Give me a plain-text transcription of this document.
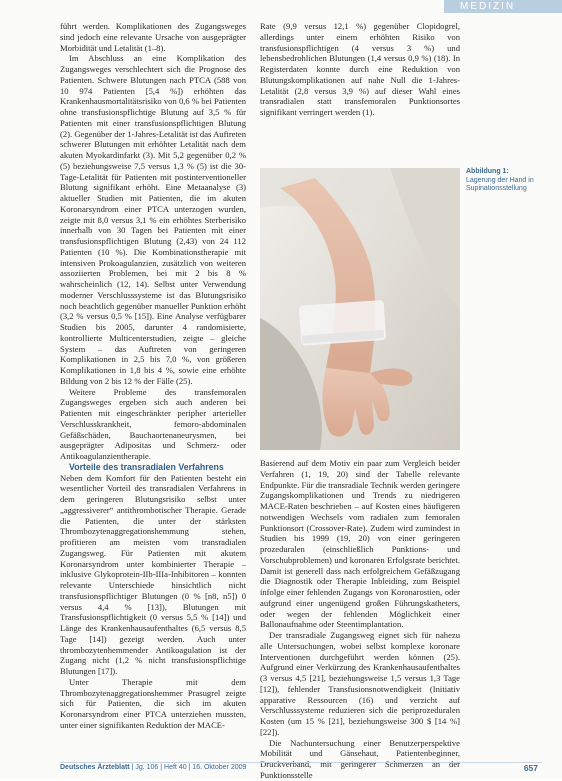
MEDIZIN

führt werden. Komplikationen des Zugangsweges sind jedoch eine relevante Ursache von ausgeprägter Morbidität und Letalität (1–8).

Im Abschluss an eine Komplikation des Zugangsweges verschlechtert sich die Prognose des Patienten. Schwere Blutungen nach PTCA (588 von 10 974 Patienten [5,4 %]) erhöhten das Krankenhausmortalitätsrisiko von 0,6 % bei Patienten ohne transfusionspflichtige Blutung auf 3,5 % für Patienten mit einer transfusionspflichtigen Blutung (2). Gegenüber der 1-Jahres-Letalität ist das Auftreten schwerer Blutungen mit erhöhter Letalität nach dem akuten Myokardinfarkt (3). Mit 5,2 gegenüber 0,2 % (5) beziehungsweise 7,5 versus 1,3 % (5) ist die 30-Tage-Letalität für Patienten mit postinterventioneller Blutung signifikant erhöht. Eine Metaanalyse (3) aktueller Studien mit Patienten, die im akuten Koronarsyndrom einer PTCA unterzogen wurden, zeigte mit 8,0 versus 3,1 % ein erhöhtes Sterberisiko innerhalb von 30 Tagen bei Patienten mit einer transfusionspflichtigen Blutung (2,43) von 24 112 Patienten (10 %). Die Kombinationstherapie mit intensiven Prokoagulanzien, zusätzlich von weiteren assoziierten Problemen, bei mit 2 bis 8 % wahrscheinlich (12, 14). Selbst unter Verwendung moderner Verschlusssysteme ist das Blutungsrisiko noch beachtlich gegenüber manueller Punktion erhöht (3,2 % versus 0,5 % [15]). Eine Analyse verfügbarer Studien bis 2005, darunter 4 randomisierte, kontrollierte Multicenterstudien, zeigte – gleiche System – das Auftreten von geringeren Komplikationen in 2,5 bis 7,0 %, von größeren Komplikationen in 1,8 bis 4 %, sowie eine erhöhte Bildung von 2 bis 12 % der Fälle (25).

Weitere Probleme des transfemoralen Zugangsweges ergeben sich auch anderen bei Patienten mit eingeschränkter peripher arterieller Verschlusskrankheit, femoro-abdominalen Gefäßschäden, Bauchaortenaneurysmen, bei ausgeprägter Adipositas und Schmerz- oder Antikoagulanzientherapie.

Vorteile des transradialen Verfahrens

Neben dem Komfort für den Patienten besteht ein wesentlicher Vorteil des transradialen Verfahrens in dem geringeren Blutungsrisiko selbst unter „aggressiverer“ antithrombotischer Therapie. Gerade die Patienten, die unter der stärksten Thrombozytenaggregationshemmung stehen, profitieren am meisten vom transradialen Zugangsweg. Für Patienten mit akutem Koronarsyndrom unter kombinierter Therapie – inklusive Glykoprotein-IIb-IIIa-Inhibitoren – konnten relevante Unterschiede hinsichtlich nicht transfusionspflichtiger Blutungen (0 % [n8, n5]) 0 versus 4,4 % [13]), Blutungen mit Transfusionspflichtigkeit (0 versus 5,5 % [14]) und Länge des Krankenhausaufenthaltes (6,5 versus 8,5 Tage [14]) gezeigt werden. Auch unter thrombozytenhemmender Antikoagulation ist der Zugang nicht (1,2 % nicht transfusionspflichtige Blutungen [17]).

Unter Therapie mit dem Thrombozytenaggregationshemmer Prasugrel zeigte sich für Patienten, die sich im akuten Koronarsyndrom einer PTCA unterziehen mussten, unter einer signifikanten Reduktion der MACE-

Rate (9,9 versus 12,1 %) gegenüber Clopidogrel, allerdings unter einem erhöhten Risiko von transfusionspflichtigen (4 versus 3 %) und lebensbedrohlichen Blutungen (1,4 versus 0,9 %) (18). In Registerdaten konnte durch eine Reduktion von Blutungskomplikationen auf nahe Null die 1-Jahres-Letalität (2,8 versus 3,9 %) auf dieser Wahl eines transradialen statt transfemoralen Punktionsortes signifikant verringert werden (1).

Abbildung 1:
Lagerung der Hand in Supinationsstellung

Basierend auf dem Motiv ein paar zum Vergleich beider Verfahren (1, 19, 20) sind der Tabelle relevante Endpunkte. Für die transradiale Technik werden geringere Zugangskomplikationen und Trends zu niedrigeren MACE-Raten beschrieben – auf Kosten eines häufigeren notwendigen Wechsels vom radialen zum femoralen Punktionsort (Crossover-Rate). Zudem wird zumindest in Studien bis 1999 (19, 20) von einer geringeren prozeduralen (einschließlich Punktions- und Vorschubproblemen) und koronaren Erfolgsrate berichtet. Damit ist generell dass nach erfolgreichem Gefäßzugang die Diagnostik oder Therapie Inbleiding, zum Beispiel infolge einer fehlenden Zugangs von Koronarostien, oder aufgrund einer ungenügend großen Führungskatheters, oder wegen der fehlenden Möglichkeit einer Ballonaufnahme oder Steentimplantation.

Der transradiale Zugangsweg eignet sich für nahezu alle Untersuchungen, wobei selbst komplexe koronare Interventionen durchgeführt werden können (25). Aufgrund einer Verkürzung des Krankenhausaufenthaltes (3 versus 4,5 [21], beziehungsweise 1,5 versus 1,3 Tage [12]), fehlender Transfusionsnotwendigkeit (Initiativ apparative Ressourcen (16) und verzicht auf Verschlusssysteme reduzieren sich die periprozeduralen Kosten (um 15 % [21], beziehungsweise 300 $ [14 %] [22]).

Die Nachuntersuchung einer Benutzerperspektive Mobilität und Gänsehaut, Patientenbeginner, Druckverband, mit geringerer Schmerzen an der Punktionsstelle

Deutsches Ärzteblatt | Jg. 106 | Heft 40 | 16. Oktober 2009	657
